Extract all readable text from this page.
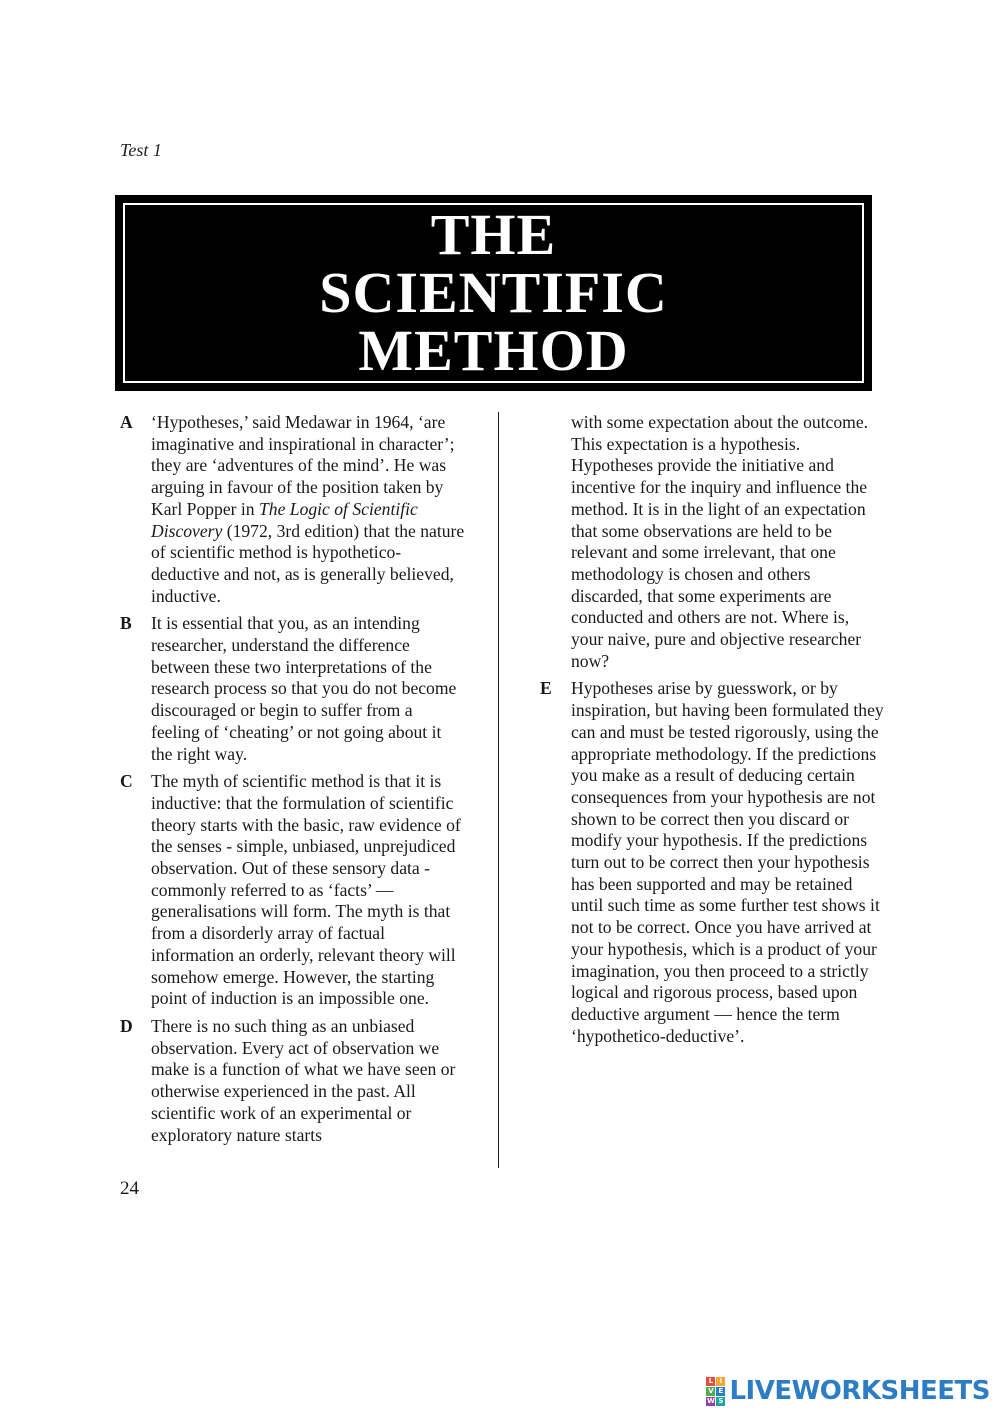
Test 1
THE
SCIENTIFIC
METHOD
A ‘Hypotheses,’ said Medawar in 1964, ‘are imaginative and inspirational in character’; they are ‘adventures of the mind’. He was arguing in favour of the position taken by Karl Popper in The Logic of Scientific Discovery (1972, 3rd edition) that the nature of scientific method is hypothetico-deductive and not, as is generally believed, inductive.
B It is essential that you, as an intending researcher, understand the difference between these two interpretations of the research process so that you do not become discouraged or begin to suffer from a feeling of ‘cheating’ or not going about it the right way.
C The myth of scientific method is that it is inductive: that the formulation of scientific theory starts with the basic, raw evidence of the senses - simple, unbiased, unprejudiced observation. Out of these sensory data - commonly referred to as ‘facts’ — generalisations will form. The myth is that from a disorderly array of factual information an orderly, relevant theory will somehow emerge. However, the starting point of induction is an impossible one.
D There is no such thing as an unbiased observation. Every act of observation we make is a function of what we have seen or otherwise experienced in the past. All scientific work of an experimental or exploratory nature starts
with some expectation about the outcome. This expectation is a hypothesis. Hypotheses provide the initiative and incentive for the inquiry and influence the method. It is in the light of an expectation that some observations are held to be relevant and some irrelevant, that one methodology is chosen and others discarded, that some experiments are conducted and others are not. Where is, your naive, pure and objective researcher now?
E Hypotheses arise by guesswork, or by inspiration, but having been formulated they can and must be tested rigorously, using the appropriate methodology. If the predictions you make as a result of deducing certain consequences from your hypothesis are not shown to be correct then you discard or modify your hypothesis. If the predictions turn out to be correct then your hypothesis has been supported and may be retained until such time as some further test shows it not to be correct. Once you have arrived at your hypothesis, which is a product of your imagination, you then proceed to a strictly logical and rigorous process, based upon deductive argument — hence the term ‘hypothetico-deductive’.
24
L I
V E
W S LIVEWORKSHEETS
